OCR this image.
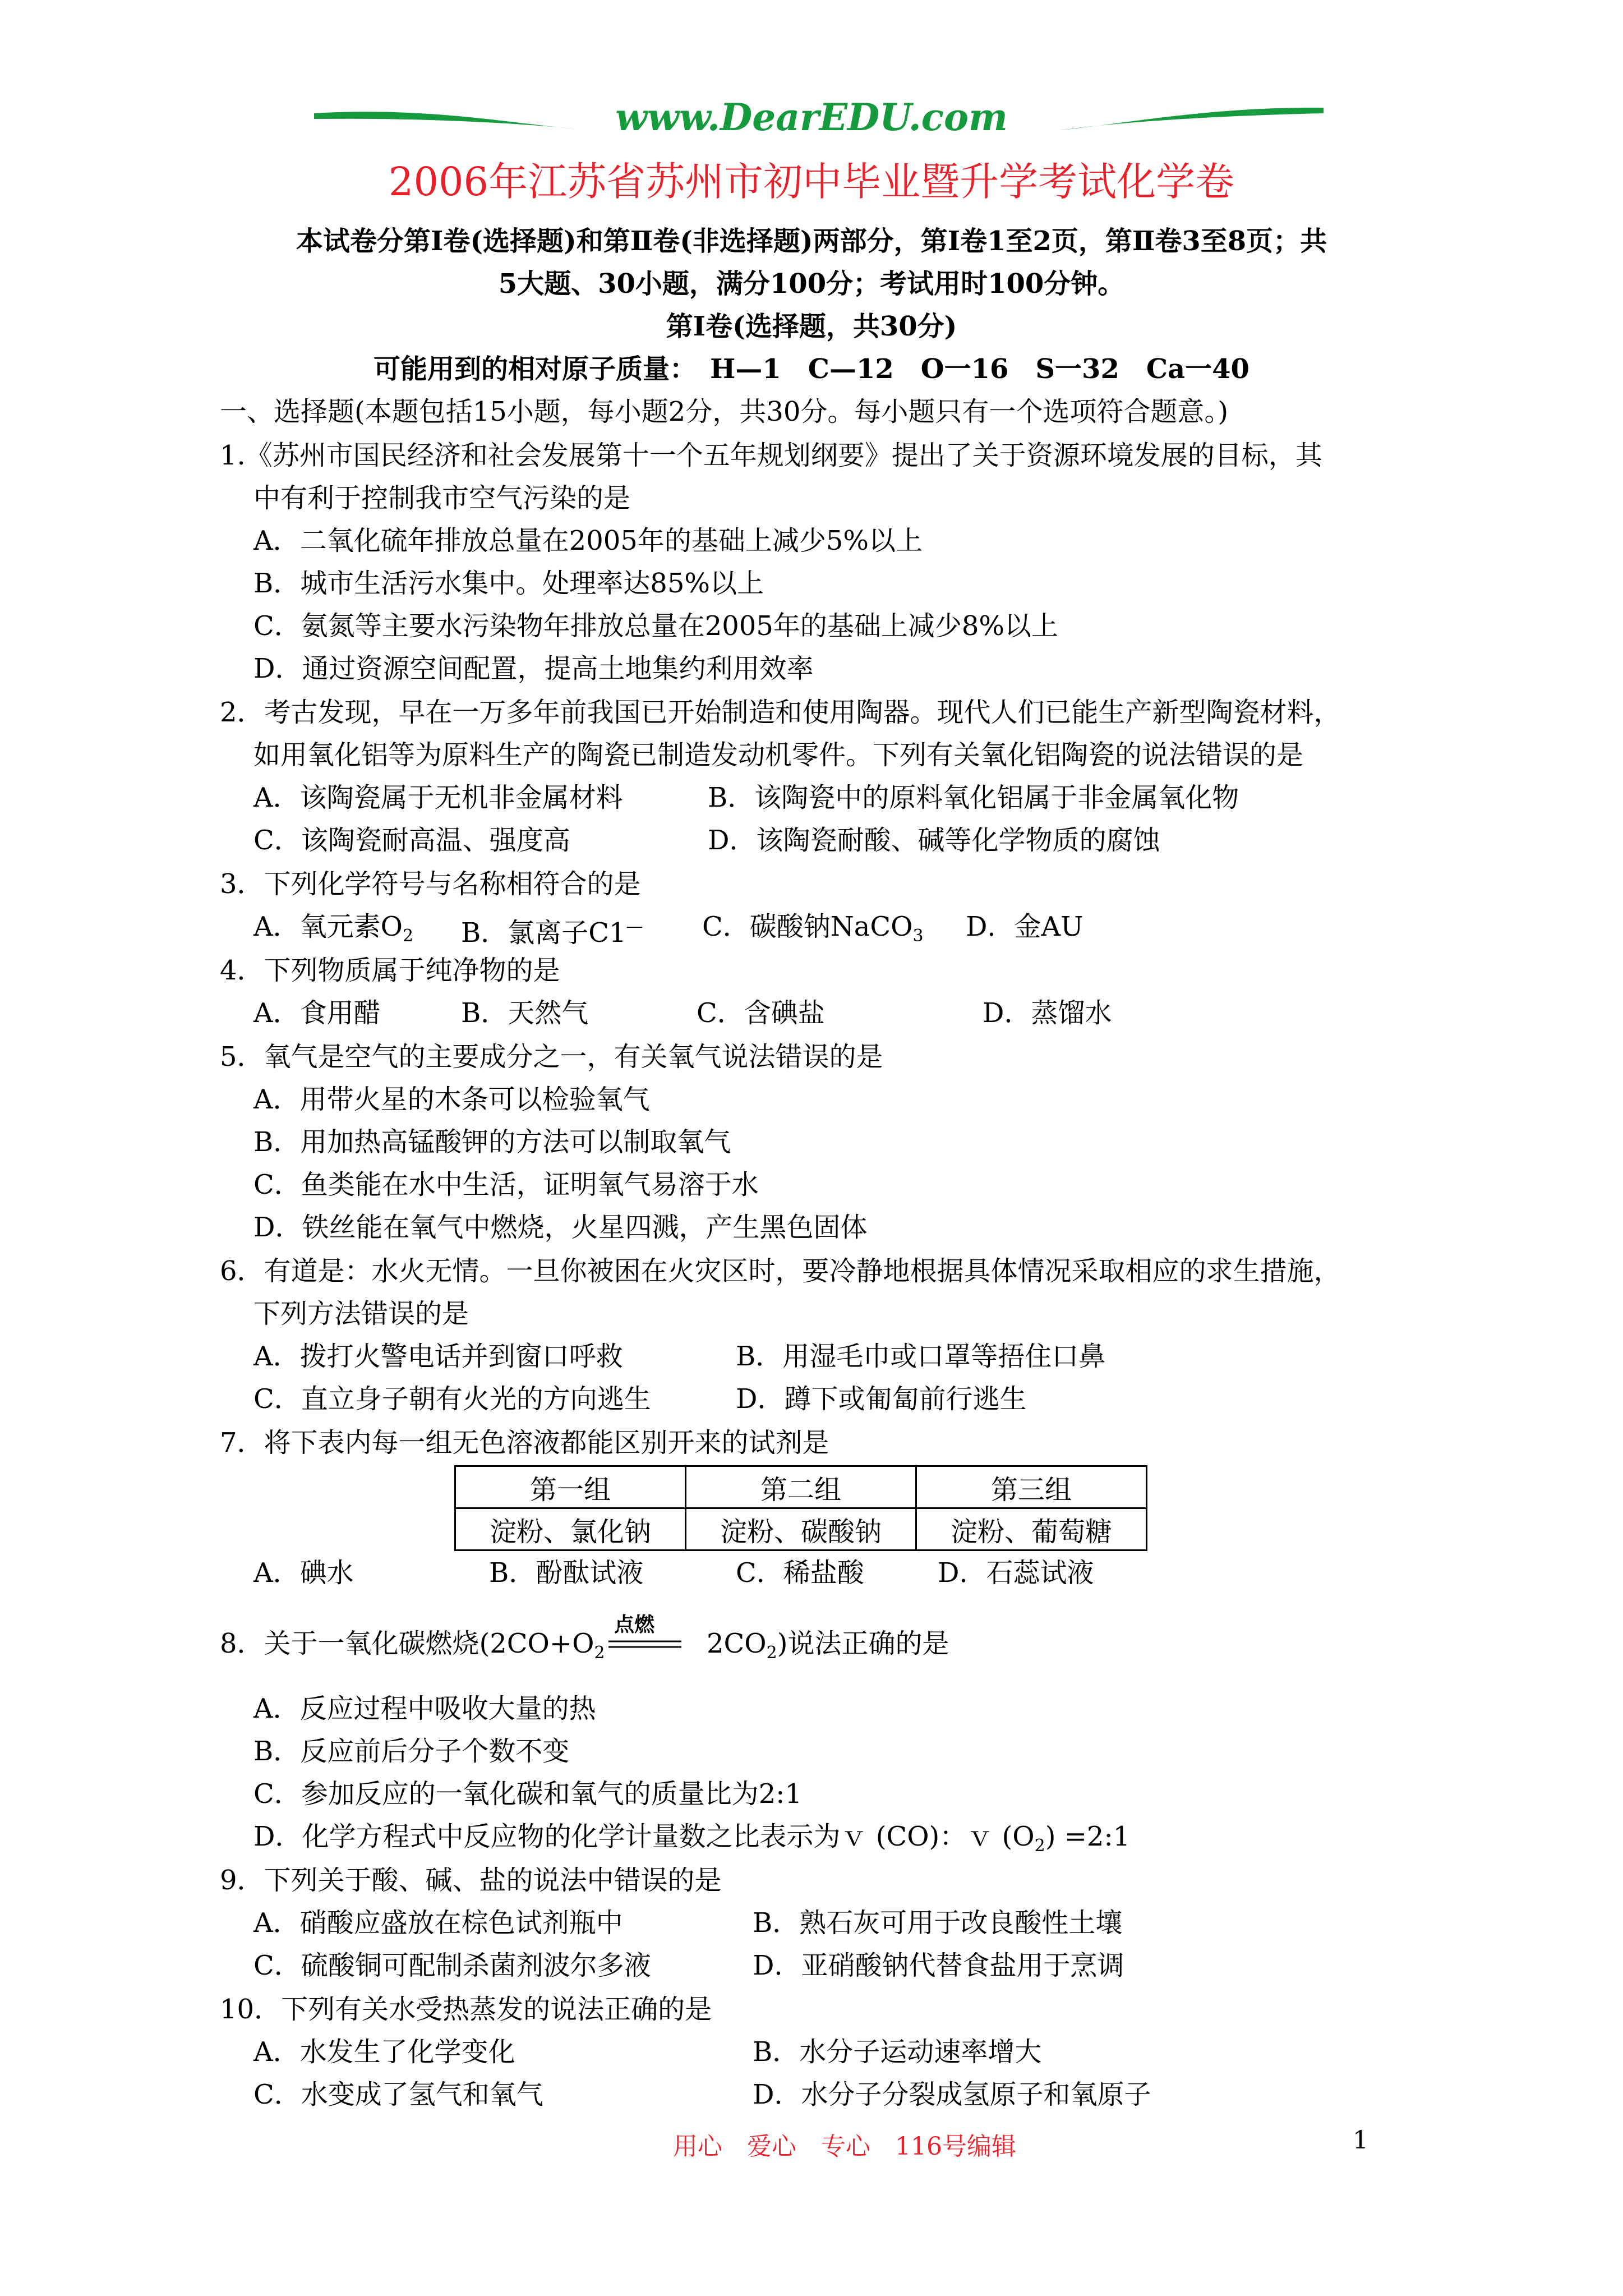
www.DearEDU.com
2006年江苏省苏州市初中毕业暨升学考试化学卷
本试卷分第Ⅰ卷(选择题)和第Ⅱ卷(非选择题)两部分，第Ⅰ卷1至2页，第Ⅱ卷3至8页；共
5大题、30小题，满分100分；考试用时100分钟。
第Ⅰ卷(选择题，共30分)
可能用到的相对原子质量：　H—1　C—12　O一16　S一32　Ca一40
一、选择题(本题包括15小题，每小题2分，共30分。每小题只有一个选项符合题意。)
1.《苏州市国民经济和社会发展第十一个五年规划纲要》提出了关于资源环境发展的目标，其
中有利于控制我市空气污染的是
A．二氧化硫年排放总量在2005年的基础上减少5%以上
B．城市生活污水集中。处理率达85%以上
C．氨氮等主要水污染物年排放总量在2005年的基础上减少8%以上
D．通过资源空间配置，提高土地集约利用效率
2．考古发现，早在一万多年前我国已开始制造和使用陶器。现代人们已能生产新型陶瓷材料，
如用氧化铝等为原料生产的陶瓷已制造发动机零件。下列有关氧化铝陶瓷的说法错误的是
A．该陶瓷属于无机非金属材料	B．该陶瓷中的原料氧化铝属于非金属氧化物
C．该陶瓷耐高温、强度高	D．该陶瓷耐酸、碱等化学物质的腐蚀
3．下列化学符号与名称相符合的是
A．氧元素$O_2$ B．氯离子C1— C．碳酸钠NaCO$_3$ D．金AU
4．下列物质属于纯净物的是
A．食用醋	B．天然气	C．含碘盐	D．蒸馏水
5．氧气是空气的主要成分之一，有关氧气说法错误的是
A．用带火星的木条可以检验氧气
B．用加热高锰酸钾的方法可以制取氧气
C．鱼类能在水中生活，证明氧气易溶于水
D．铁丝能在氧气中燃烧，火星四溅，产生黑色固体
6．有道是：水火无情。一旦你被困在火灾区时，要冷静地根据具体情况采取相应的求生措施，
下列方法错误的是
A．拨打火警电话并到窗口呼救	B．用湿毛巾或口罩等捂住口鼻
C．直立身子朝有火光的方向逃生	D．蹲下或匍匐前行逃生
7．将下表内每一组无色溶液都能区别开来的试剂是
第一组	第二组	第三组
淀粉、氯化钠	淀粉、碳酸钠	淀粉、葡萄糖
A．碘水	B．酚酞试液	C．稀盐酸	D．石蕊试液
8．关于一氧化碳燃烧($2CO+O_2$
点燃
$2CO_2$)说法正确的是
A．反应过程中吸收大量的热
B．反应前后分子个数不变
C．参加反应的一氧化碳和氧气的质量比为2:1
D．化学方程式中反应物的化学计量数之比表示为ｖ (CO)：ｖ $(O_2)$ =2:1
9．下列关于酸、碱、盐的说法中错误的是
A．硝酸应盛放在棕色试剂瓶中	B．熟石灰可用于改良酸性土壤
C．硫酸铜可配制杀菌剂波尔多液	D．亚硝酸钠代替食盐用于烹调
10．下列有关水受热蒸发的说法正确的是
A．水发生了化学变化	B．水分子运动速率增大
C．水变成了氢气和氧气	D．水分子分裂成氢原子和氧原子
用心　爱心　专心　116号编辑	1
